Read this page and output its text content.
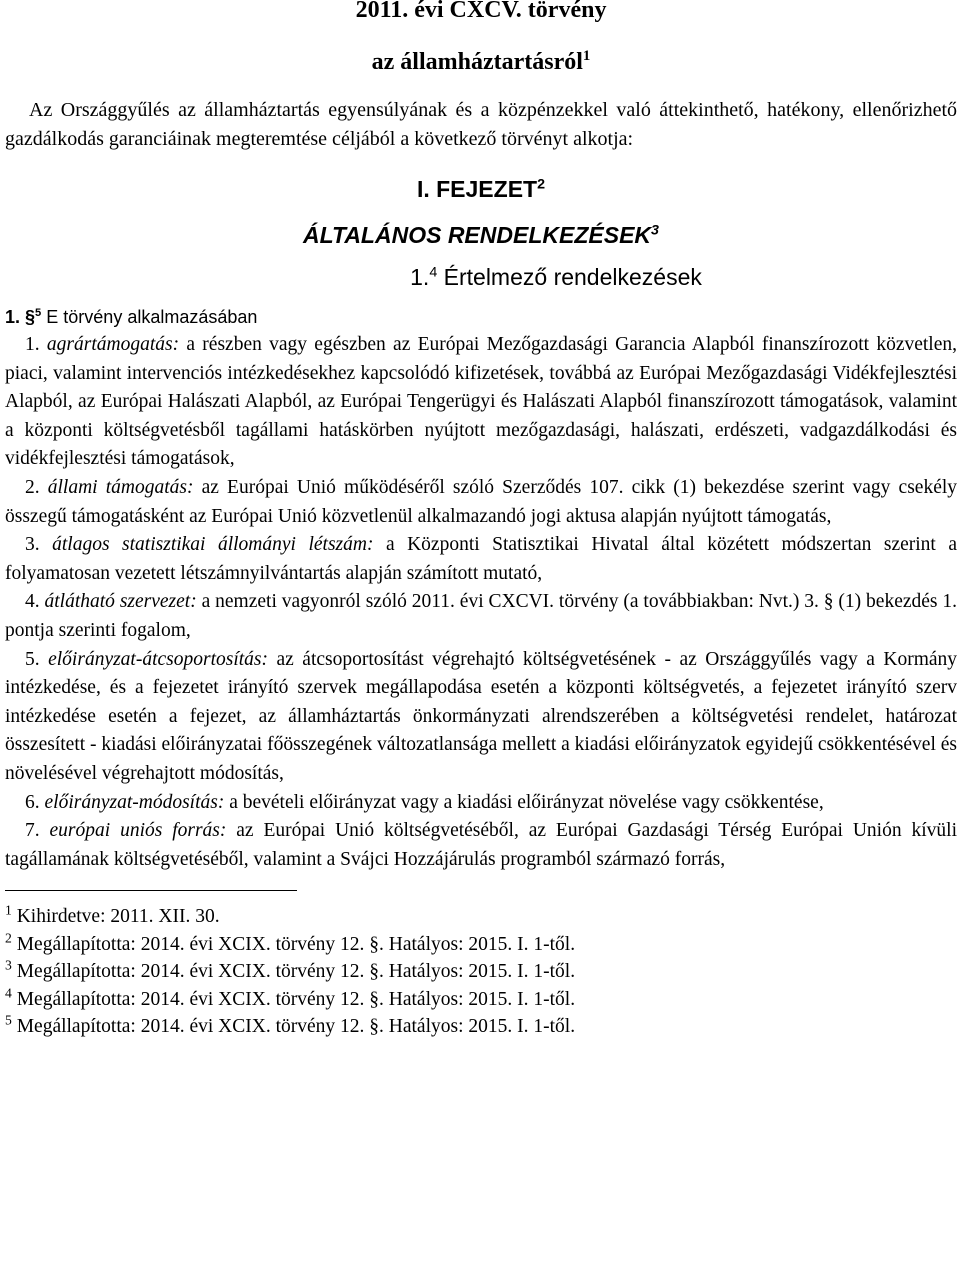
2011. évi CXCV. törvény
az államháztartásról$^1$

Az Országgyűlés az államháztartás egyensúlyának és a közpénzekkel való áttekinthető, hatékony, ellenőrizhető gazdálkodás garanciáinak megteremtése céljából a következő törvényt alkotja:

I. FEJEZET$^2$
ÁLTALÁNOS RENDELKEZÉSEK$^3$
1.$^4$ Értelmező rendelkezések
1. §$^5$ E törvény alkalmazásában

1. agrártámogatás: a részben vagy egészben az Európai Mezőgazdasági Garancia Alapból finanszírozott közvetlen, piaci, valamint intervenciós intézkedésekhez kapcsolódó kifizetések, továbbá az Európai Mezőgazdasági Vidékfejlesztési Alapból, az Európai Halászati Alapból, az Európai Tengerügyi és Halászati Alapból finanszírozott támogatások, valamint a központi költségvetésből tagállami hatáskörben nyújtott mezőgazdasági, halászati, erdészeti, vadgazdálkodási és vidékfejlesztési támogatások,

2. állami támogatás: az Európai Unió működéséről szóló Szerződés 107. cikk (1) bekezdése szerint vagy csekély összegű támogatásként az Európai Unió közvetlenül alkalmazandó jogi aktusa alapján nyújtott támogatás,

3. átlagos statisztikai állományi létszám: a Központi Statisztikai Hivatal által közétett módszertan szerint a folyamatosan vezetett létszámnyilvántartás alapján számított mutató,

4. átlátható szervezet: a nemzeti vagyonról szóló 2011. évi CXCVI. törvény (a továbbiakban: Nvt.) 3. § (1) bekezdés 1. pontja szerinti fogalom,

5. előirányzat-átcsoportosítás: az átcsoportosítást végrehajtó költségvetésének - az Országgyűlés vagy a Kormány intézkedése, és a fejezetet irányító szervek megállapodása esetén a központi költségvetés, a fejezetet irányító szerv intézkedése esetén a fejezet, az államháztartás önkormányzati alrendszerében a költségvetési rendelet, határozat összesített - kiadási előirányzatai főösszegének változatlansága mellett a kiadási előirányzatok egyidejű csökkentésével és növelésével végrehajtott módosítás,

6. előirányzat-módosítás: a bevételi előirányzat vagy a kiadási előirányzat növelése vagy csökkentése,

7. európai uniós forrás: az Európai Unió költségvetéséből, az Európai Gazdasági Térség Európai Unión kívüli tagállamának költségvetéséből, valamint a Svájci Hozzájárulás programból származó forrás,

$^1$ Kihirdetve: 2011. XII. 30.
$^2$ Megállapította: 2014. évi XCIX. törvény 12. §. Hatályos: 2015. I. 1-től.
$^3$ Megállapította: 2014. évi XCIX. törvény 12. §. Hatályos: 2015. I. 1-től.
$^4$ Megállapította: 2014. évi XCIX. törvény 12. §. Hatályos: 2015. I. 1-től.
$^5$ Megállapította: 2014. évi XCIX. törvény 12. §. Hatályos: 2015. I. 1-től.
